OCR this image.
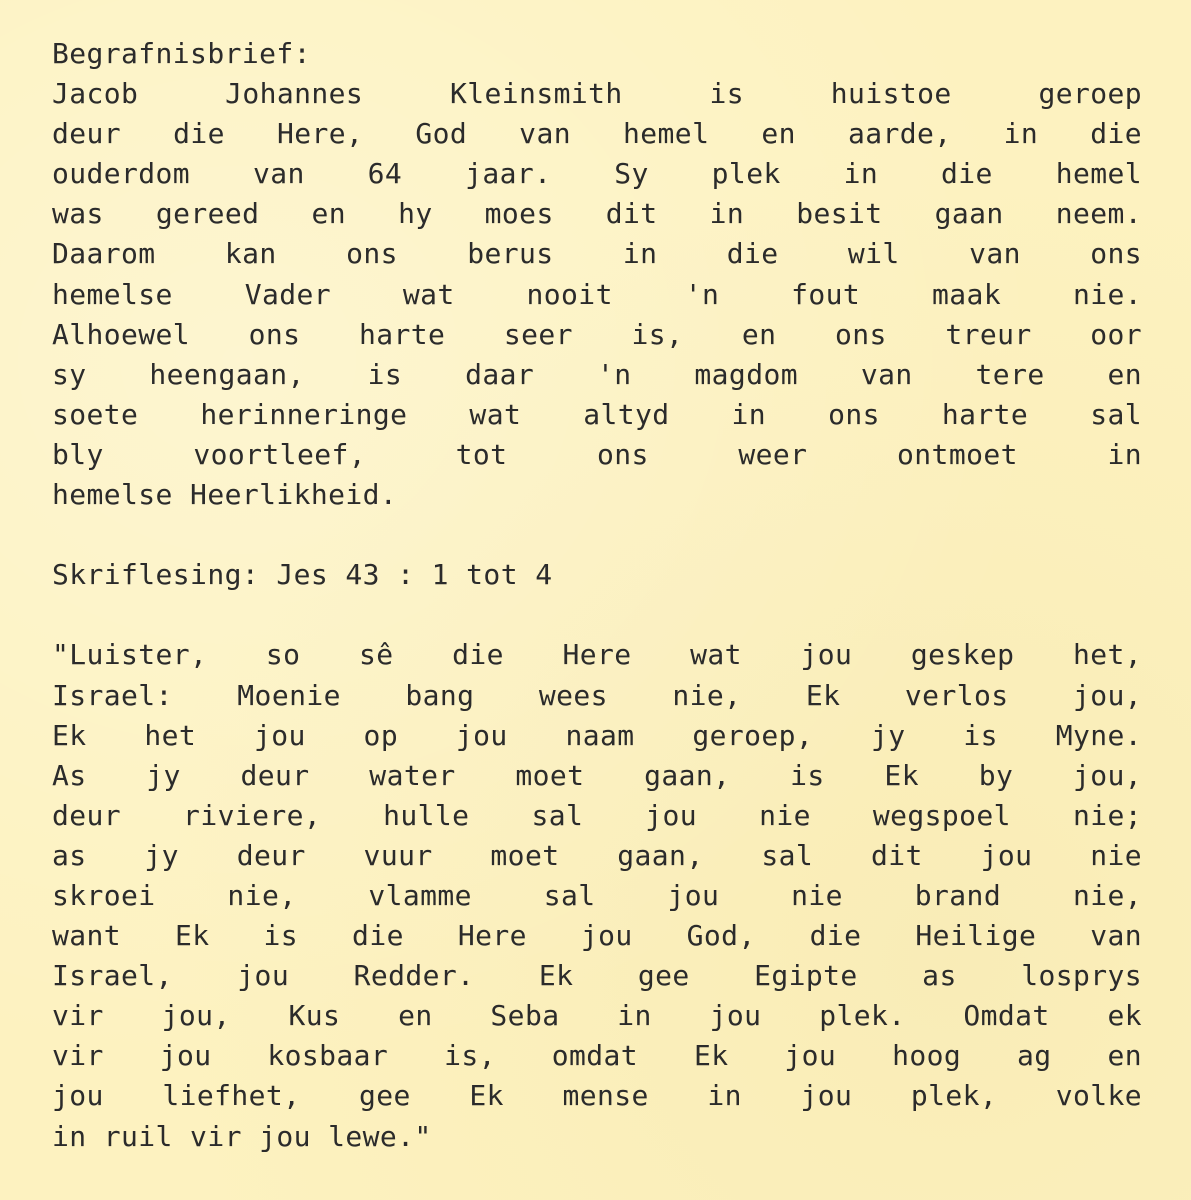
Begrafnisbrief:
Jacob Johannes Kleinsmith is huistoe geroep
deur die Here, God van hemel en aarde, in die
ouderdom van 64 jaar. Sy plek in die hemel
was gereed en hy moes dit in besit gaan neem.
Daarom kan ons berus in die wil van ons
hemelse Vader wat nooit 'n fout maak nie.
Alhoewel ons harte seer is, en ons treur oor
sy heengaan, is daar 'n magdom van tere en
soete herinneringe wat altyd in ons harte sal
bly voortleef, tot ons weer ontmoet in
hemelse Heerlikheid.
Skriflesing: Jes 43 : 1 tot 4
"Luister, so sê die Here wat jou geskep het,
Israel: Moenie bang wees nie, Ek verlos jou,
Ek het jou op jou naam geroep, jy is Myne.
As jy deur water moet gaan, is Ek by jou,
deur riviere, hulle sal jou nie wegspoel nie;
as jy deur vuur moet gaan, sal dit jou nie
skroei nie, vlamme sal jou nie brand nie,
want Ek is die Here jou God, die Heilige van
Israel, jou Redder. Ek gee Egipte as losprys
vir jou, Kus en Seba in jou plek. Omdat ek
vir jou kosbaar is, omdat Ek jou hoog ag en
jou liefhet, gee Ek mense in jou plek, volke
in ruil vir jou lewe."
